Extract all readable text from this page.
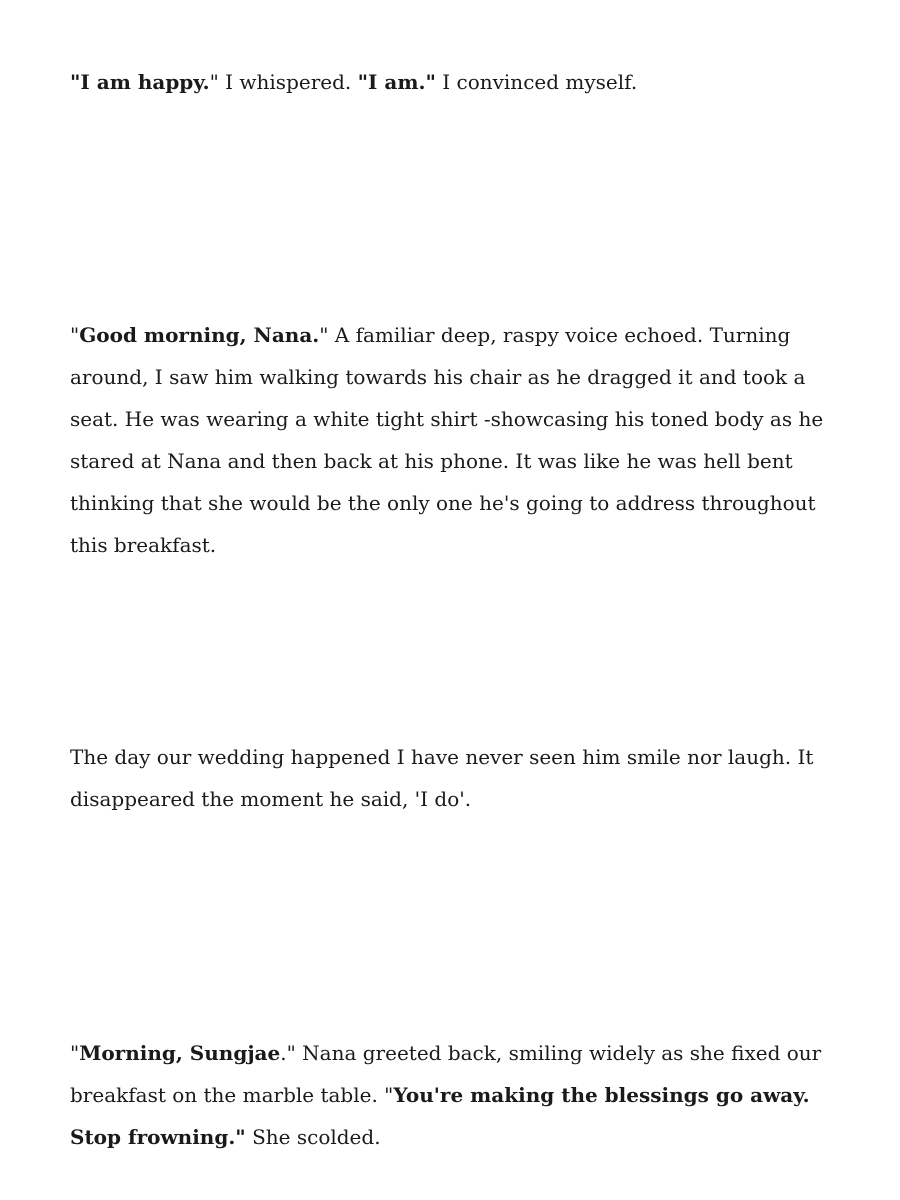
"I am happy." I whispered. "I am." I convinced myself.

"Good morning, Nana." A familiar deep, raspy voice echoed. Turning around, I saw him walking towards his chair as he dragged it and took a seat. He was wearing a white tight shirt -showcasing his toned body as he stared at Nana and then back at his phone. It was like he was hell bent thinking that she would be the only one he's going to address throughout this breakfast.

The day our wedding happened I have never seen him smile nor laugh. It disappeared the moment he said, 'I do'.

"Morning, Sungjae." Nana greeted back, smiling widely as she fixed our breakfast on the marble table. "You're making the blessings go away. Stop frowning." She scolded.
